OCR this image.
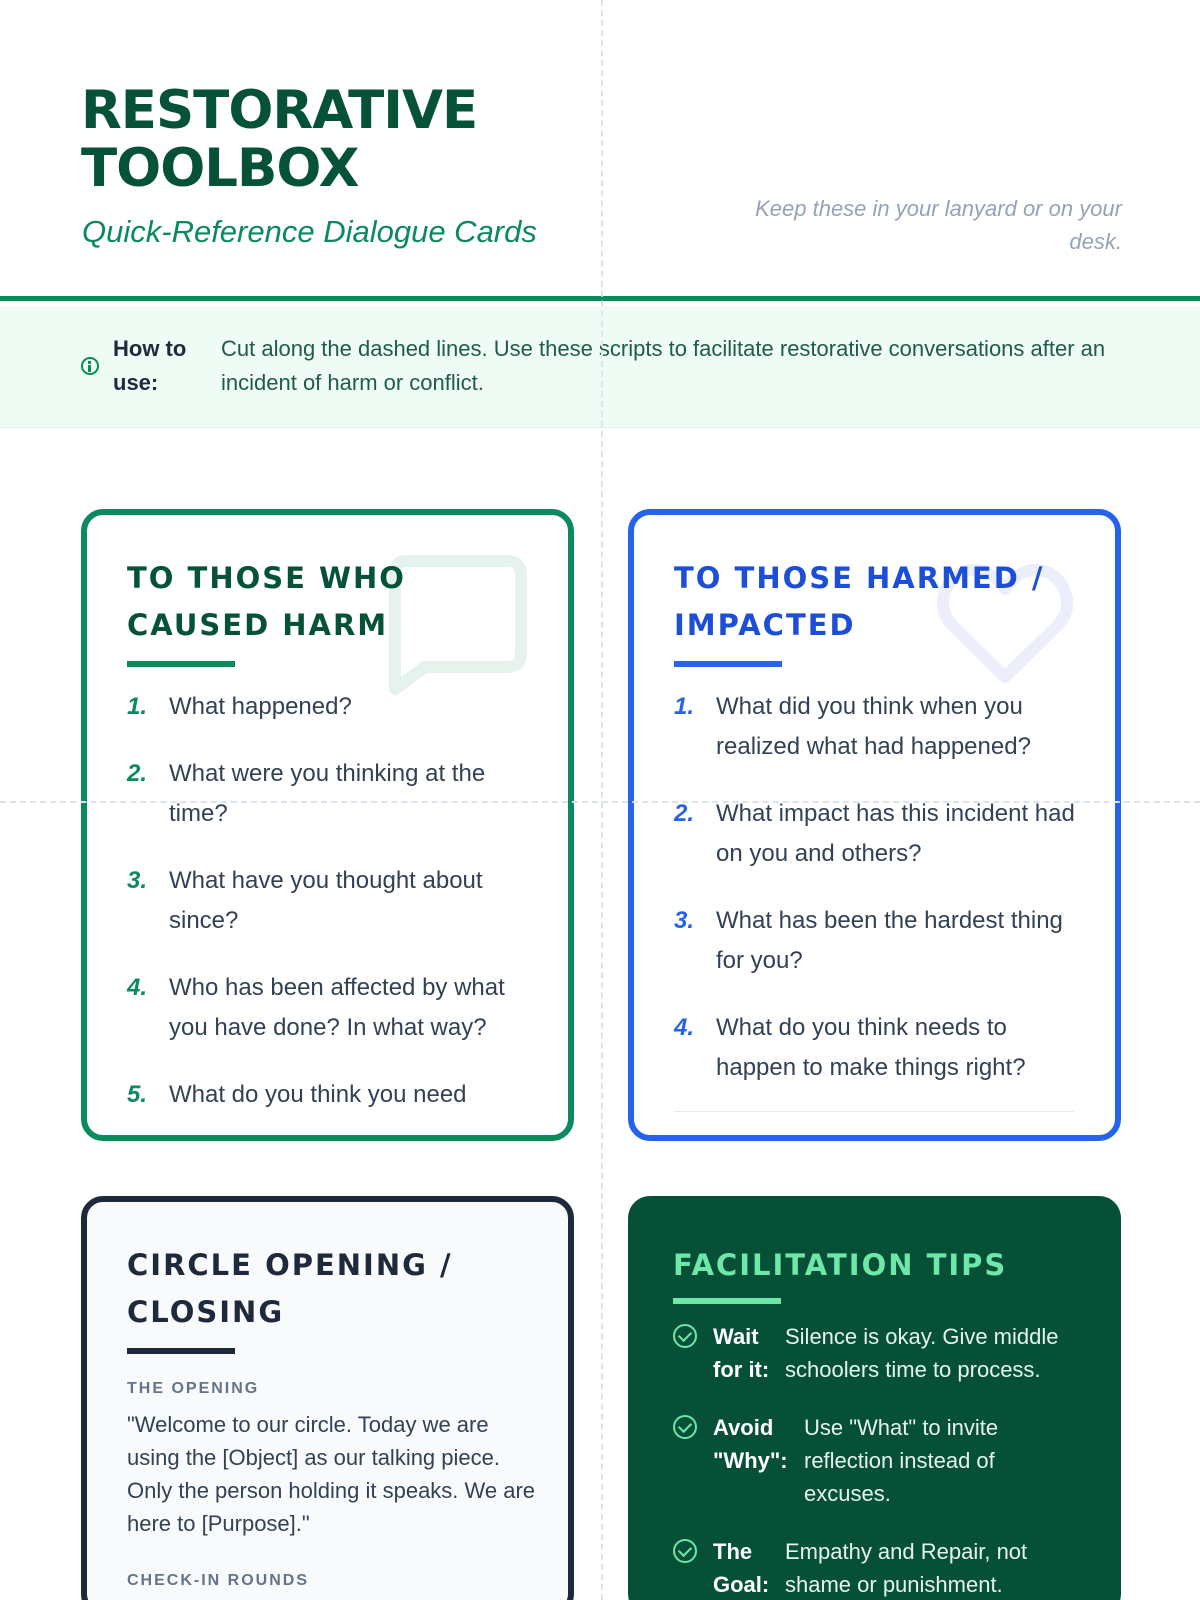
RESTORATIVE
TOOLBOX
Quick-Reference Dialogue Cards
Keep these in your lanyard or on your desk.
How to use:
Cut along the dashed lines. Use these scripts to facilitate restorative conversations after an incident of harm or conflict.
TO THOSE WHO CAUSED HARM
1. What happened?
2. What were you thinking at the time?
3. What have you thought about since?
4. Who has been affected by what you have done? In what way?
5. What do you think you need
TO THOSE HARMED / IMPACTED
1. What did you think when you realized what had happened?
2. What impact has this incident had on you and others?
3. What has been the hardest thing for you?
4. What do you think needs to happen to make things right?
CIRCLE OPENING / CLOSING
THE OPENING
"Welcome to our circle. Today we are using the [Object] as our talking piece. Only the person holding it speaks. We are here to [Purpose]."
CHECK-IN ROUNDS
FACILITATION TIPS
Wait for it:
Silence is okay. Give middle schoolers time to process.
Avoid "Why":
Use "What" to invite reflection instead of excuses.
The Goal:
Empathy and Repair, not shame or punishment.
